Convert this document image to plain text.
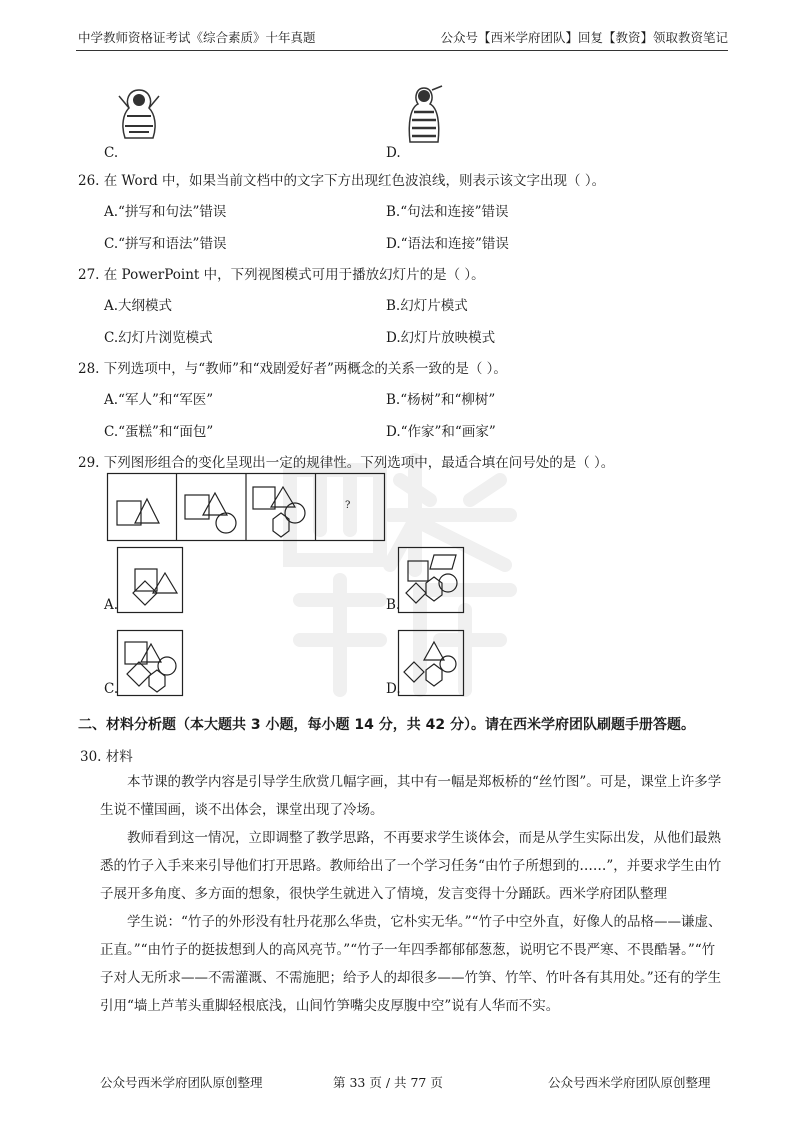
中学教师资格证考试《综合素质》十年真题	公众号【西米学府团队】回复【教资】领取教资笔记
C.	D.
26. 在 Word 中，如果当前文档中的文字下方出现红色波浪线，则表示该文字出现（ ）。
A.“拼写和句法”错误	B.“句法和连接”错误
C.“拼写和语法”错误	D.“语法和连接”错误
27. 在 PowerPoint 中，下列视图模式可用于播放幻灯片的是（ ）。
A.大纲模式	B.幻灯片模式
C.幻灯片浏览模式	D.幻灯片放映模式
28. 下列选项中，与“教师”和“戏剧爱好者”两概念的关系一致的是（ ）。
A.“军人”和“军医”	B.“杨树”和“柳树”
C.“蛋糕”和“面包”	D.“作家”和“画家”
29. 下列图形组合的变化呈现出一定的规律性。下列选项中，最适合填在问号处的是（ ）。
?
A.	B.
C.	D.
二、材料分析题（本大题共 3 小题，每小题 14 分，共 42 分）。请在西米学府团队刷题手册答题。
30. 材料

本节课的教学内容是引导学生欣赏几幅字画，其中有一幅是郑板桥的“丝竹图”。可是，课堂上许多学生说不懂国画，谈不出体会，课堂出现了冷场。

教师看到这一情况，立即调整了教学思路，不再要求学生谈体会，而是从学生实际出发，从他们最熟悉的竹子入手来来引导他们打开思路。教师给出了一个学习任务“由竹子所想到的……”，并要求学生由竹子展开多角度、多方面的想象，很快学生就进入了情境，发言变得十分踊跃。西米学府团队整理

学生说：“竹子的外形没有牡丹花那么华贵，它朴实无华。”“竹子中空外直，好像人的品格——谦虚、正直。”“由竹子的挺拔想到人的高风亮节。”“竹子一年四季都郁郁葱葱，说明它不畏严寒、不畏酷暑。”“竹子对人无所求——不需灌溉、不需施肥；给予人的却很多——竹笋、竹竿、竹叶各有其用处。”还有的学生引用“墙上芦苇头重脚轻根底浅，山间竹笋嘴尖皮厚腹中空”说有人华而不实。

公众号西米学府团队原创整理	第 33 页 / 共 77 页	公众号西米学府团队原创整理
